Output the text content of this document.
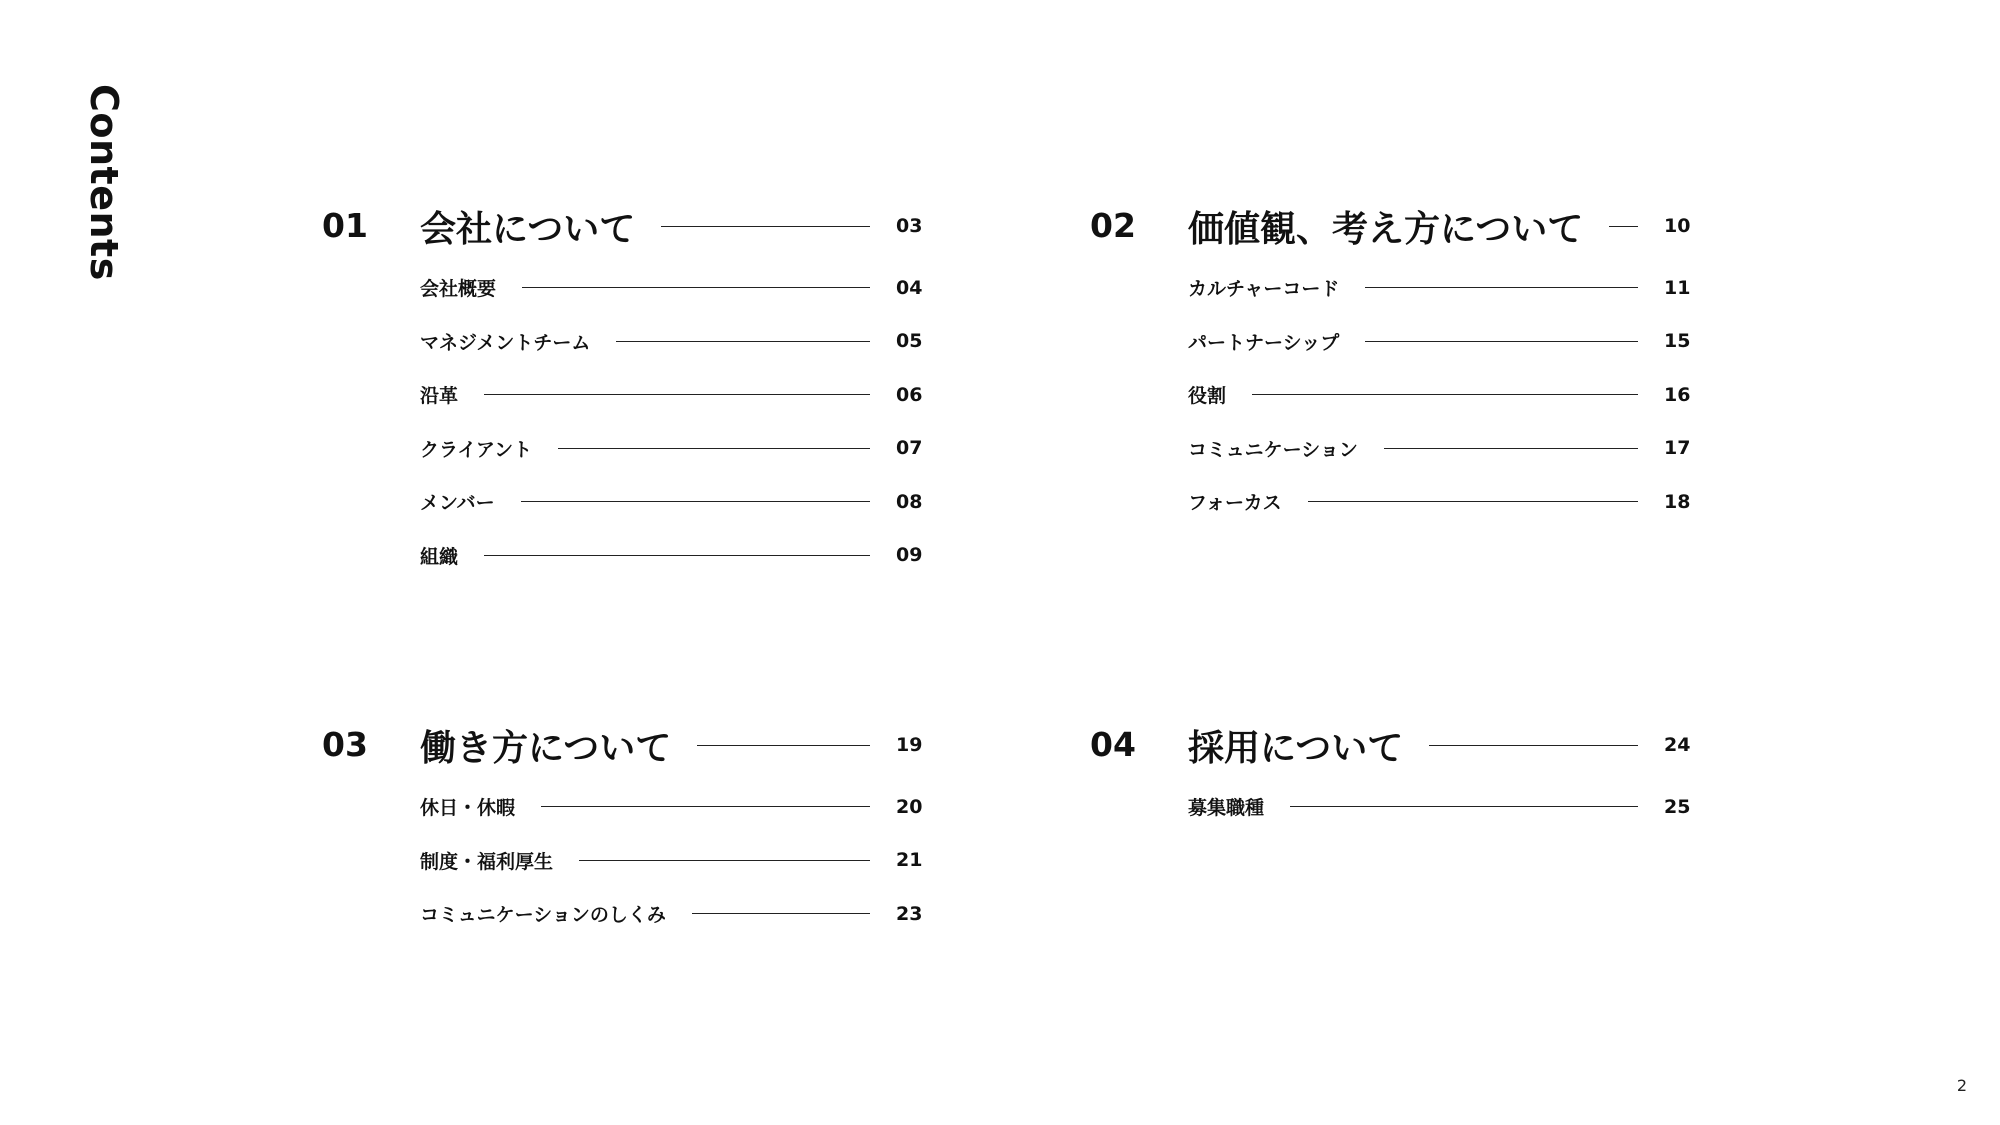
Contents	01 会社について	03
会社概要	04
マネジメントチーム	05
沿革	06
クライアント	07
メンバー	08
組織	09
02 価値観、考え方について	10
カルチャーコード	11
パートナーシップ	15
役割	16
コミュニケーション	17
フォーカス	18
03 働き方について	19
休日・休暇	20
制度・福利厚生	21
コミュニケーションのしくみ	23
04 採用について	24
募集職種	25
2
